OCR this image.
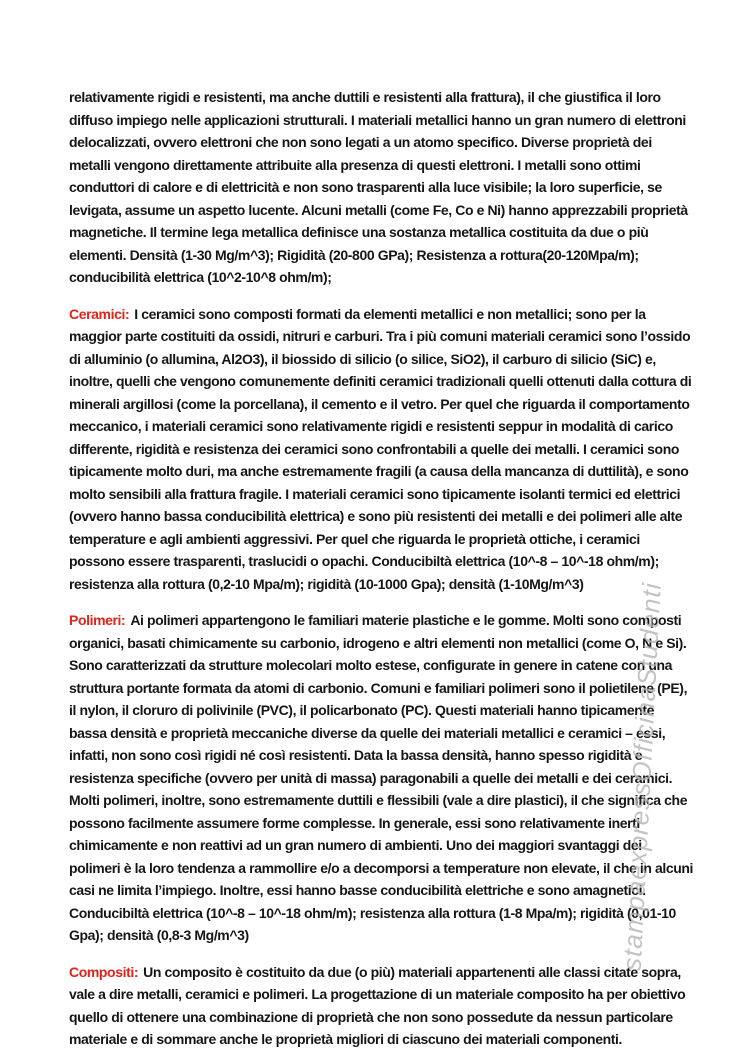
relativamente rigidi e resistenti, ma anche duttili e resistenti alla frattura), il che giustifica il loro diffuso impiego nelle applicazioni strutturali. I materiali metallici hanno un gran numero di elettroni delocalizzati, ovvero elettroni che non sono legati a un atomo specifico. Diverse proprietà dei metalli vengono direttamente attribuite alla presenza di questi elettroni. I metalli sono ottimi conduttori di calore e di elettricità e non sono trasparenti alla luce visibile; la loro superficie, se levigata, assume un aspetto lucente. Alcuni metalli (come Fe, Co e Ni) hanno apprezzabili proprietà magnetiche. Il termine lega metallica definisce una sostanza metallica costituita da due o più elementi. Densità (1-30 Mg/m^3); Rigidità (20-800 GPa); Resistenza a rottura(20-120Mpa/m); conducibilità elettrica (10^2-10^8 ohm/m);

Ceramici: I ceramici sono composti formati da elementi metallici e non metallici; sono per la maggior parte costituiti da ossidi, nitruri e carburi. Tra i più comuni materiali ceramici sono l’ossido di alluminio (o allumina, Al2O3), il biossido di silicio (o silice, SiO2), il carburo di silicio (SiC) e, inoltre, quelli che vengono comunemente definiti ceramici tradizionali quelli ottenuti dalla cottura di minerali argillosi (come la porcellana), il cemento e il vetro. Per quel che riguarda il comportamento meccanico, i materiali ceramici sono relativamente rigidi e resistenti seppur in modalità di carico differente, rigidità e resistenza dei ceramici sono confrontabili a quelle dei metalli. I ceramici sono tipicamente molto duri, ma anche estremamente fragili (a causa della mancanza di duttilità), e sono molto sensibili alla frattura fragile. I materiali ceramici sono tipicamente isolanti termici ed elettrici (ovvero hanno bassa conducibilità elettrica) e sono più resistenti dei metalli e dei polimeri alle alte temperature e agli ambienti aggressivi. Per quel che riguarda le proprietà ottiche, i ceramici possono essere trasparenti, traslucidi o opachi. Conducibiltà elettrica (10^-8 – 10^-18 ohm/m); resistenza alla rottura (0,2-10 Mpa/m); rigidità (10-1000 Gpa); densità (1-10Mg/m^3)

Polimeri: Ai polimeri appartengono le familiari materie plastiche e le gomme. Molti sono composti organici, basati chimicamente su carbonio, idrogeno e altri elementi non metallici (come O, N e Si). Sono caratterizzati da strutture molecolari molto estese, configurate in genere in catene con una struttura portante formata da atomi di carbonio. Comuni e familiari polimeri sono il polietilene (PE), il nylon, il cloruro di polivinile (PVC), il policarbonato (PC). Questi materiali hanno tipicamente bassa densità e proprietà meccaniche diverse da quelle dei materiali metallici e ceramici – essi, infatti, non sono così rigidi né così resistenti. Data la bassa densità, hanno spesso rigidità e resistenza specifiche (ovvero per unità di massa) paragonabili a quelle dei metalli e dei ceramici. Molti polimeri, inoltre, sono estremamente duttili e flessibili (vale a dire plastici), il che significa che possono facilmente assumere forme complesse. In generale, essi sono relativamente inerti chimicamente e non reattivi ad un gran numero di ambienti. Uno dei maggiori svantaggi dei polimeri è la loro tendenza a rammollire e/o a decomporsi a temperature non elevate, il che in alcuni casi ne limita l’impiego. Inoltre, essi hanno basse conducibilità elettriche e sono amagnetici. Conducibiltà elettrica (10^-8 – 10^-18 ohm/m); resistenza alla rottura (1-8 Mpa/m); rigidità (0,01-10 Gpa); densità (0,8-3 Mg/m^3)

Compositi: Un composito è costituito da due (o più) materiali appartenenti alle classi citate sopra, vale a dire metalli, ceramici e polimeri. La progettazione di un materiale composito ha per obiettivo quello di ottenere una combinazione di proprietà che non sono possedute da nessun particolare materiale e di sommare anche le proprietà migliori di ciascuno dei materiali componenti.

stampaexpressOfficinaStudenti
